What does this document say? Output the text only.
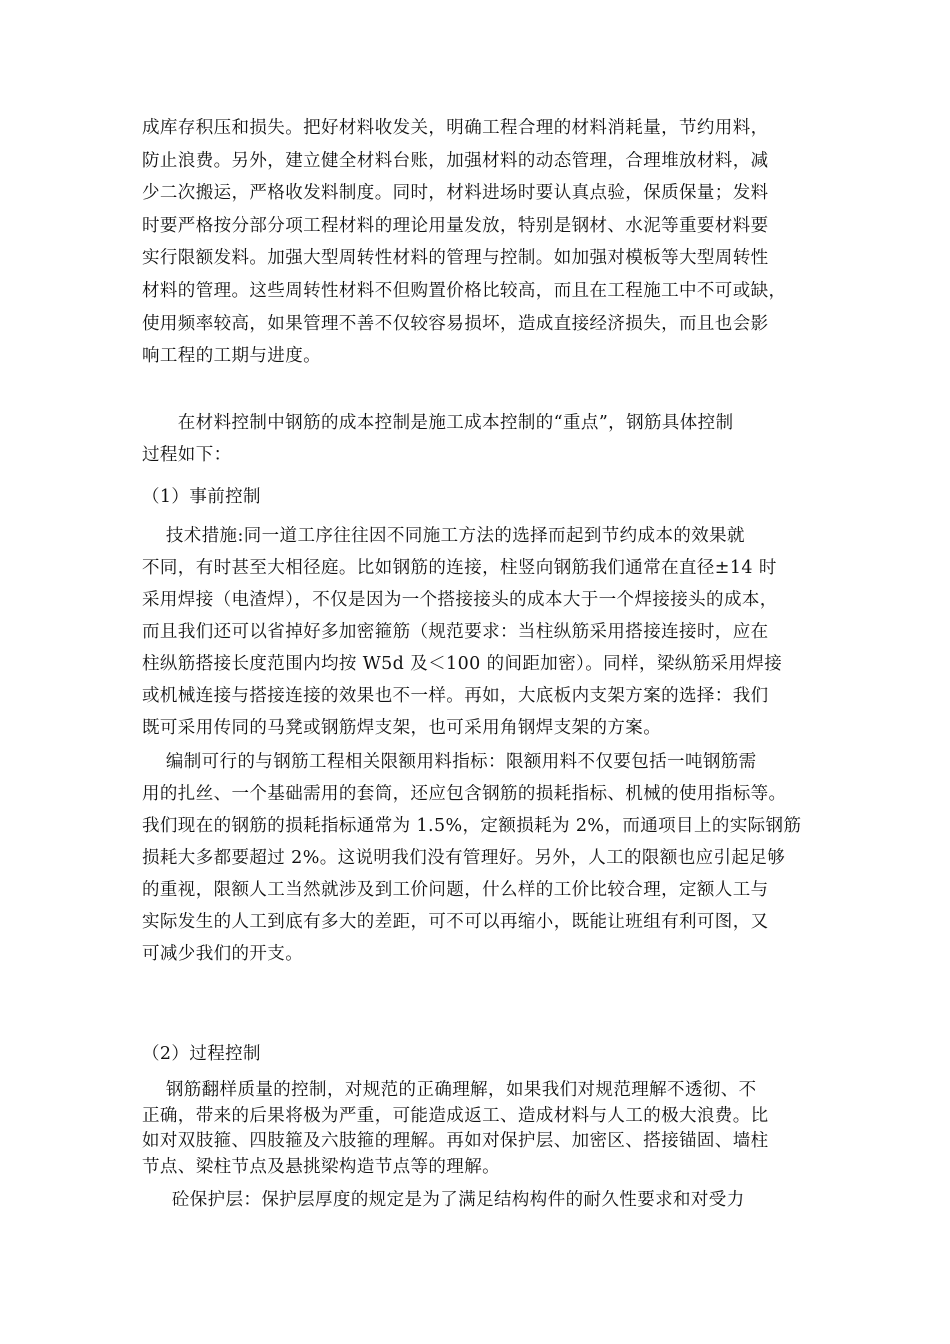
成库存积压和损失。把好材料收发关，明确工程合理的材料消耗量，节约用料，
防止浪费。另外，建立健全材料台账，加强材料的动态管理，合理堆放材料，减
少二次搬运，严格收发料制度。同时，材料进场时要认真点验，保质保量；发料
时要严格按分部分项工程材料的理论用量发放，特别是钢材、水泥等重要材料要
实行限额发料。加强大型周转性材料的管理与控制。如加强对模板等大型周转性
材料的管理。这些周转性材料不但购置价格比较高，而且在工程施工中不可或缺，
使用频率较高，如果管理不善不仅较容易损坏，造成直接经济损失，而且也会影
响工程的工期与进度。
在材料控制中钢筋的成本控制是施工成本控制的“重点”，钢筋具体控制
过程如下：
（1）事前控制
技术措施:同一道工序往往因不同施工方法的选择而起到节约成本的效果就
不同，有时甚至大相径庭。比如钢筋的连接，柱竖向钢筋我们通常在直径±14 时
采用焊接（电渣焊），不仅是因为一个搭接接头的成本大于一个焊接接头的成本，
而且我们还可以省掉好多加密箍筋（规范要求：当柱纵筋采用搭接连接时，应在
柱纵筋搭接长度范围内均按 W5d 及＜100 的间距加密）。同样，梁纵筋采用焊接
或机械连接与搭接连接的效果也不一样。再如，大底板内支架方案的选择：我们
既可采用传同的马凳或钢筋焊支架，也可采用角钢焊支架的方案。
编制可行的与钢筋工程相关限额用料指标：限额用料不仅要包括一吨钢筋需
用的扎丝、一个基础需用的套筒，还应包含钢筋的损耗指标、机械的使用指标等。
我们现在的钢筋的损耗指标通常为 1.5%，定额损耗为 2%，而通项目上的实际钢筋
损耗大多都要超过 2%。这说明我们没有管理好。另外，人工的限额也应引起足够
的重视，限额人工当然就涉及到工价问题，什么样的工价比较合理，定额人工与
实际发生的人工到底有多大的差距，可不可以再缩小，既能让班组有利可图，又
可减少我们的开支。
（2）过程控制
钢筋翻样质量的控制，对规范的正确理解，如果我们对规范理解不透彻、不
正确，带来的后果将极为严重，可能造成返工、造成材料与人工的极大浪费。比
如对双肢箍、四肢箍及六肢箍的理解。再如对保护层、加密区、搭接锚固、墙柱
节点、梁柱节点及悬挑梁构造节点等的理解。
砼保护层：保护层厚度的规定是为了满足结构构件的耐久性要求和对受力
